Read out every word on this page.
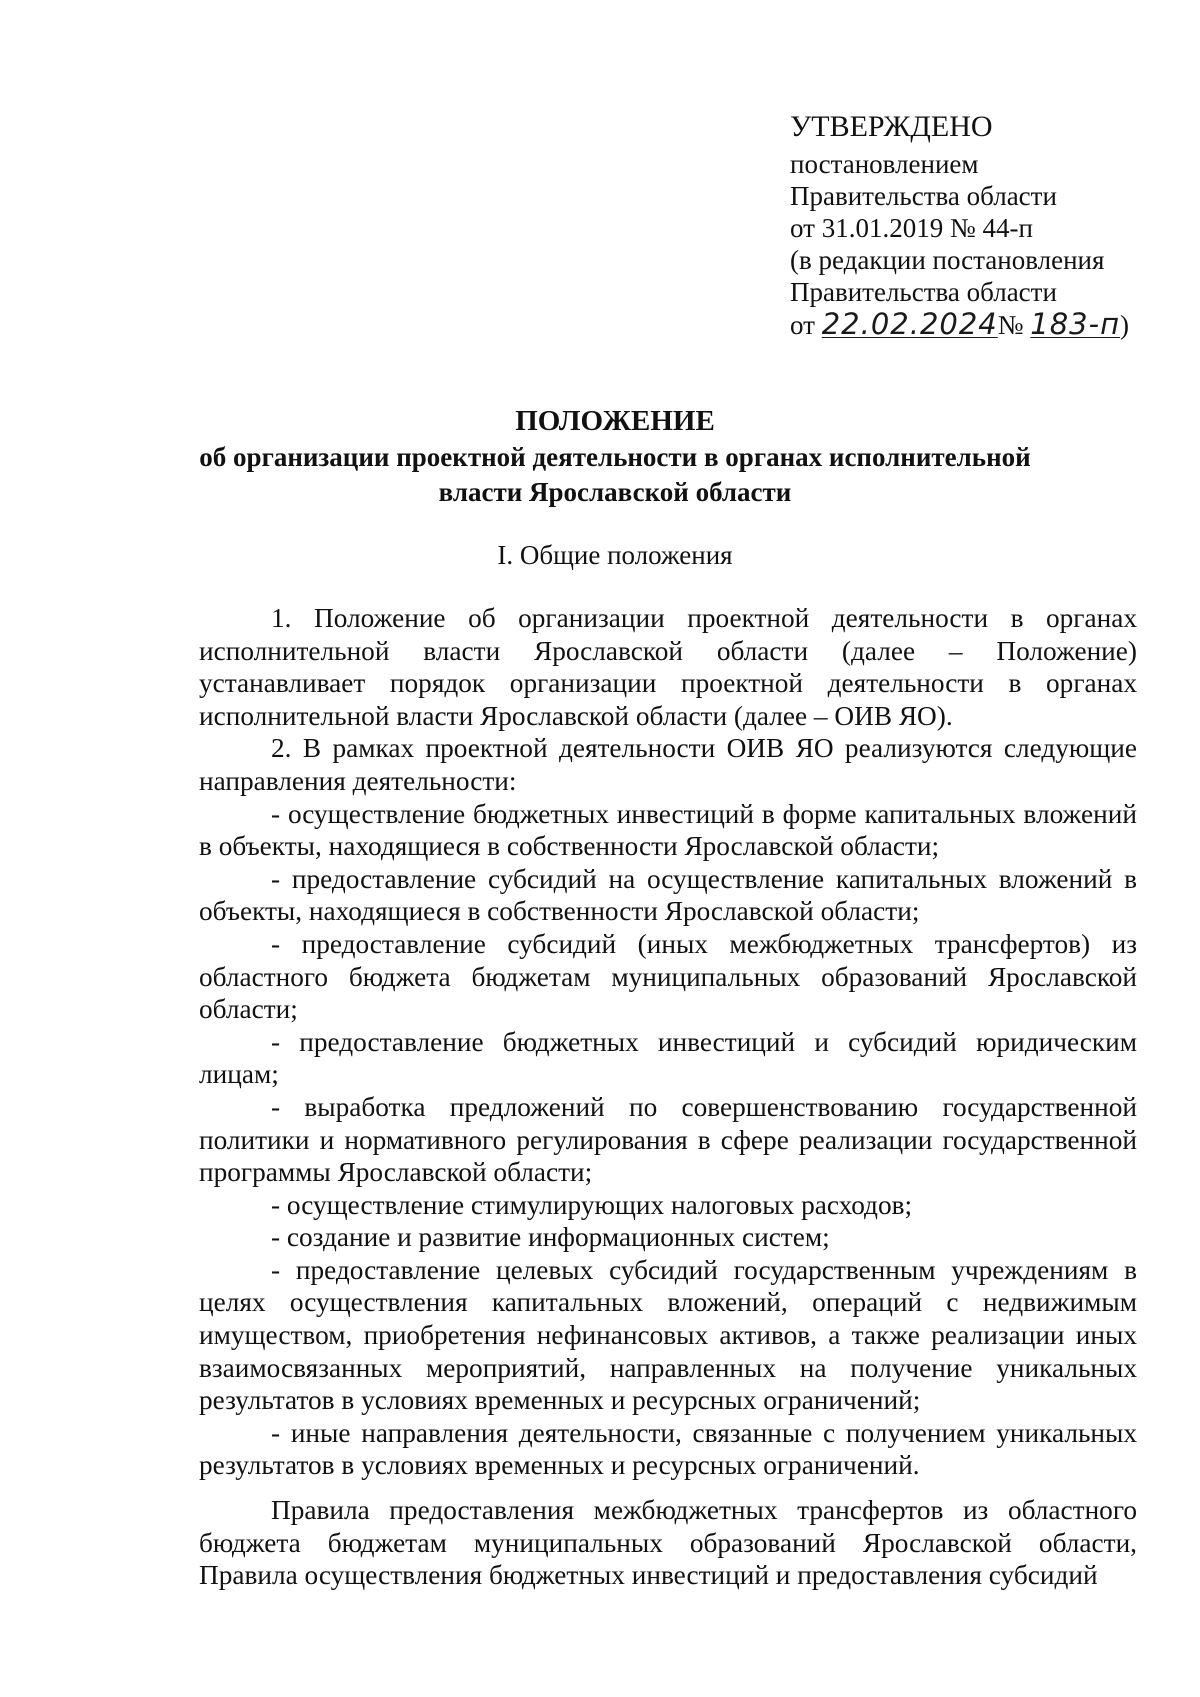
УТВЕРЖДЕНО
постановлением
Правительства области
от 31.01.2019 № 44-п
(в редакции постановления
Правительства области
от 22.02.2024№ 183-п)
ПОЛОЖЕНИЕ
об организации проектной деятельности в органах исполнительной
власти Ярославской области
I. Общие положения

1. Положение об организации проектной деятельности в органах исполнительной власти Ярославской области (далее – Положение) устанавливает порядок организации проектной деятельности в органах исполнительной власти Ярославской области (далее – ОИВ ЯО).

2. В рамках проектной деятельности ОИВ ЯО реализуются следующие направления деятельности:

- осуществление бюджетных инвестиций в форме капитальных вложений в объекты, находящиеся в собственности Ярославской области;

- предоставление субсидий на осуществление капитальных вложений в объекты, находящиеся в собственности Ярославской области;

- предоставление субсидий (иных межбюджетных трансфертов) из областного бюджета бюджетам муниципальных образований Ярославской области;

- предоставление бюджетных инвестиций и субсидий юридическим лицам;

- выработка предложений по совершенствованию государственной политики и нормативного регулирования в сфере реализации государственной программы Ярославской области;

- осуществление стимулирующих налоговых расходов;

- создание и развитие информационных систем;

- предоставление целевых субсидий государственным учреждениям в целях осуществления капитальных вложений, операций с недвижимым имуществом, приобретения нефинансовых активов, а также реализации иных взаимосвязанных мероприятий, направленных на получение уникальных результатов в условиях временных и ресурсных ограничений;

- иные направления деятельности, связанные с получением уникальных результатов в условиях временных и ресурсных ограничений.

Правила предоставления межбюджетных трансфертов из областного бюджета бюджетам муниципальных образований Ярославской области, Правила осуществления бюджетных инвестиций и предоставления субсидий
